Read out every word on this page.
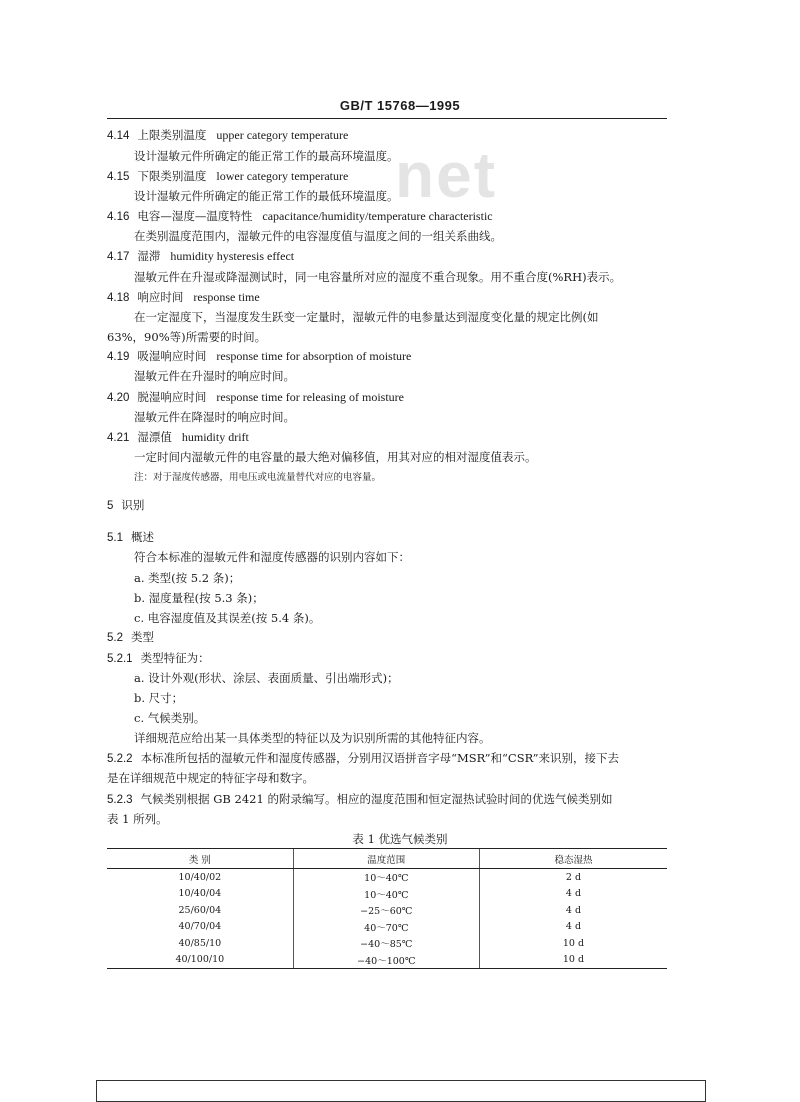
GB/T 15768—1995
net
4.14 上限类别温度 upper category temperature
设计湿敏元件所确定的能正常工作的最高环境温度。
4.15 下限类别温度 lower category temperature
设计湿敏元件所确定的能正常工作的最低环境温度。
4.16 电容—湿度—温度特性 capacitance/humidity/temperature characteristic
在类别温度范围内，湿敏元件的电容湿度值与温度之间的一组关系曲线。
4.17 湿滞 humidity hysteresis effect
湿敏元件在升湿或降湿测试时，同一电容量所对应的湿度不重合现象。用不重合度(%RH)表示。
4.18 响应时间 response time
在一定湿度下，当湿度发生跃变一定量时，湿敏元件的电参量达到湿度变化量的规定比例(如
63%，90%等)所需要的时间。
4.19 吸湿响应时间 response time for absorption of moisture
湿敏元件在升湿时的响应时间。
4.20 脱湿响应时间 response time for releasing of moisture
湿敏元件在降湿时的响应时间。
4.21 湿漂值 humidity drift
一定时间内湿敏元件的电容量的最大绝对偏移值，用其对应的相对湿度值表示。
注：对于湿度传感器，用电压或电流量替代对应的电容量。
5 识别
5.1 概述
符合本标准的湿敏元件和湿度传感器的识别内容如下：
a. 类型(按 5.2 条)；
b. 湿度量程(按 5.3 条)；
c. 电容湿度值及其误差(按 5.4 条)。
5.2 类型
5.2.1 类型特征为：
a. 设计外观(形状、涂层、表面质量、引出端形式)；
b. 尺寸；
c. 气候类别。
详细规范应给出某一具体类型的特征以及为识别所需的其他特征内容。
5.2.2 本标准所包括的湿敏元件和湿度传感器，分别用汉语拼音字母“MSR”和“CSR”来识别，接下去
是在详细规范中规定的特征字母和数字。
5.2.3 气候类别根据 GB 2421 的附录编写。相应的湿度范围和恒定湿热试验时间的优选气候类别如
表 1 所列。
表 1 优选气候类别
类 别	温度范围	稳态湿热
10/40/02	10～40℃	2 d
10/40/04	10～40℃	4 d
25/60/04	−25～60℃	4 d
40/70/04	40～70℃	4 d
40/85/10	−40～85℃	10 d
40/100/10	−40～100℃	10 d
